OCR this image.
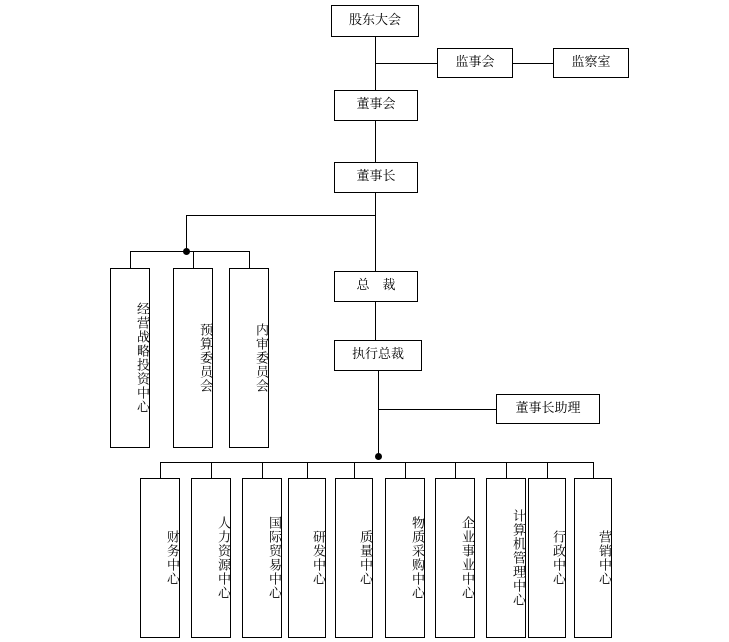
股东大会
监事会	监察室
董事会
董事长
总　裁
执行总裁
董事长助理
经营战略投资中心	预算委员会	内审委员会
财务中心	人力资源中心	国际贸易中心 研发中心 质量中心	物质采购中心	企业事业中心	计算机管理中心 行政中心 营销中心
